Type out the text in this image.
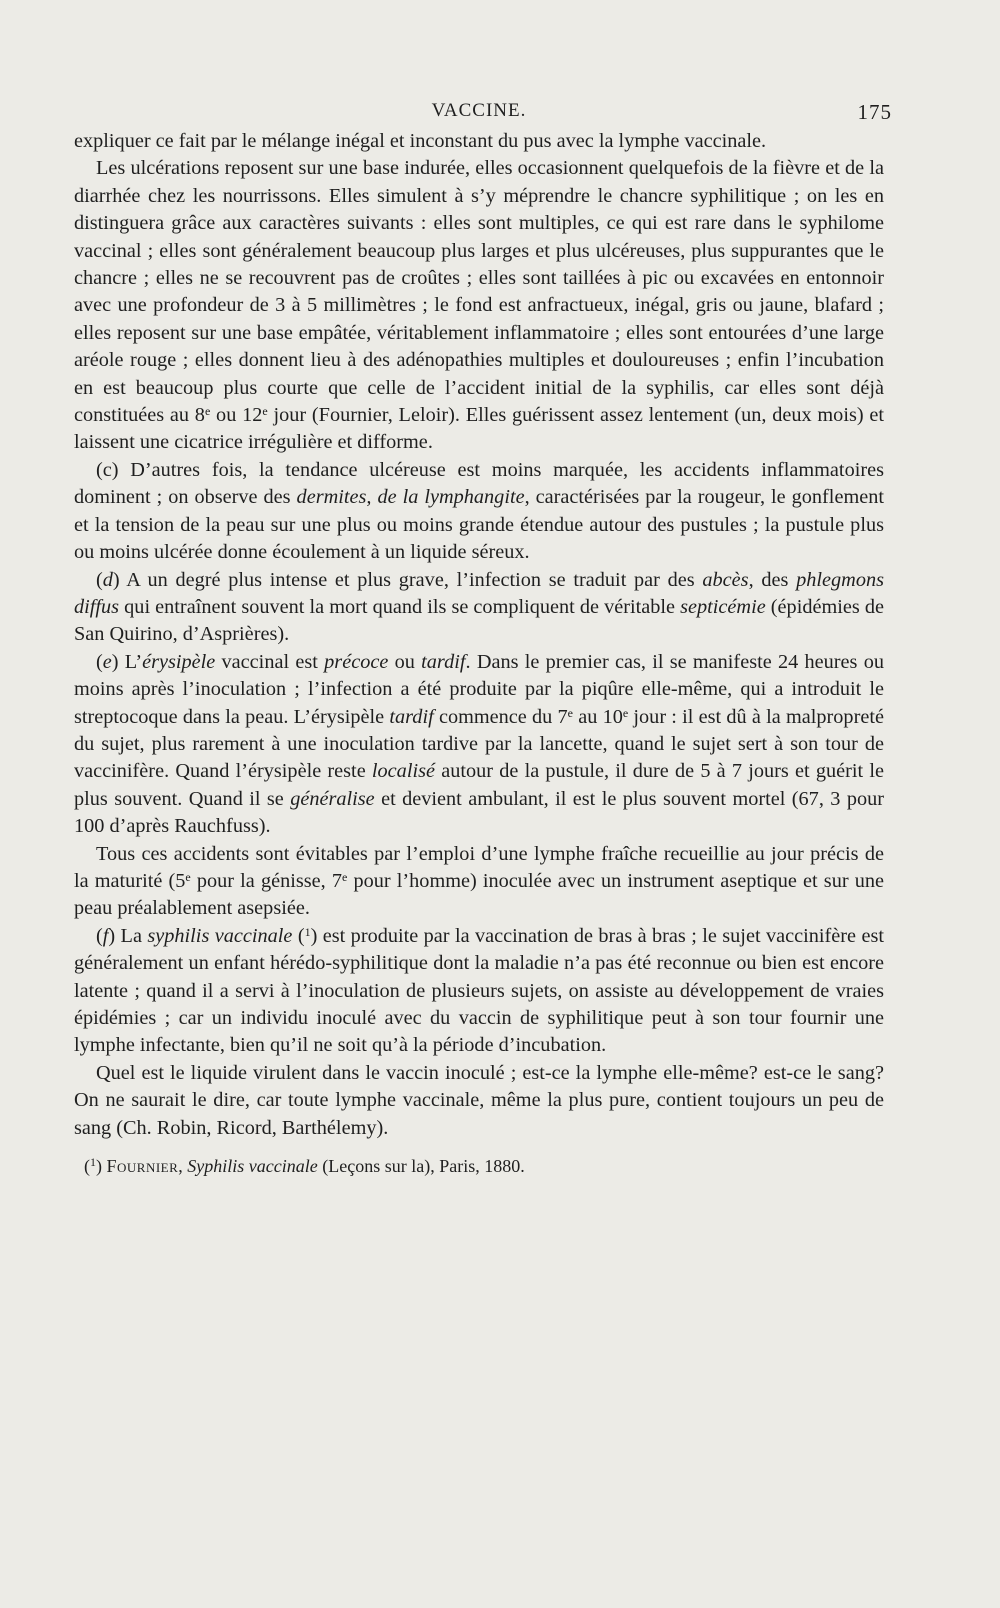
VACCINE.	175

expliquer ce fait par le mélange inégal et inconstant du pus avec la lymphe vaccinale.

Les ulcérations reposent sur une base indurée, elles occasionnent quelquefois de la fièvre et de la diarrhée chez les nourrissons. Elles simulent à s’y méprendre le chancre syphilitique ; on les en distinguera grâce aux caractères suivants : elles sont multiples, ce qui est rare dans le syphilome vaccinal ; elles sont généralement beaucoup plus larges et plus ulcéreuses, plus suppurantes que le chancre ; elles ne se recouvrent pas de croûtes ; elles sont taillées à pic ou excavées en entonnoir avec une profondeur de 3 à 5 millimètres ; le fond est anfractueux, inégal, gris ou jaune, blafard ; elles reposent sur une base empâtée, véritablement inflammatoire ; elles sont entourées d’une large aréole rouge ; elles donnent lieu à des adénopathies multiples et douloureuses ; enfin l’incubation en est beaucoup plus courte que celle de l’accident initial de la syphilis, car elles sont déjà constituées au 8e ou 12e jour (Fournier, Leloir). Elles guérissent assez lentement (un, deux mois) et laissent une cicatrice irrégulière et difforme.

(c) D’autres fois, la tendance ulcéreuse est moins marquée, les accidents inflammatoires dominent ; on observe des dermites, de la lymphangite, caractérisées par la rougeur, le gonflement et la tension de la peau sur une plus ou moins grande étendue autour des pustules ; la pustule plus ou moins ulcérée donne écoulement à un liquide séreux.

(d) A un degré plus intense et plus grave, l’infection se traduit par des abcès, des phlegmons diffus qui entraînent souvent la mort quand ils se compliquent de véritable septicémie (épidémies de San Quirino, d’Asprières).

(e) L’érysipèle vaccinal est précoce ou tardif. Dans le premier cas, il se manifeste 24 heures ou moins après l’inoculation ; l’infection a été produite par la piqûre elle-même, qui a introduit le streptocoque dans la peau. L’érysipèle tardif commence du 7e au 10e jour : il est dû à la malpropreté du sujet, plus rarement à une inoculation tardive par la lancette, quand le sujet sert à son tour de vaccinifère. Quand l’érysipèle reste localisé autour de la pustule, il dure de 5 à 7 jours et guérit le plus souvent. Quand il se généralise et devient ambulant, il est le plus souvent mortel (67, 3 pour 100 d’après Rauchfuss).

Tous ces accidents sont évitables par l’emploi d’une lymphe fraîche recueillie au jour précis de la maturité (5e pour la génisse, 7e pour l’homme) inoculée avec un instrument aseptique et sur une peau préalablement asepsiée.

(f) La syphilis vaccinale ($^1$) est produite par la vaccination de bras à bras ; le sujet vaccinifère est généralement un enfant hérédo-syphilitique dont la maladie n’a pas été reconnue ou bien est encore latente ; quand il a servi à l’inoculation de plusieurs sujets, on assiste au développement de vraies épidémies ; car un individu inoculé avec du vaccin de syphilitique peut à son tour fournir une lymphe infectante, bien qu’il ne soit qu’à la période d’incubation.

Quel est le liquide virulent dans le vaccin inoculé ; est-ce la lymphe elle-même? est-ce le sang? On ne saurait le dire, car toute lymphe vaccinale, même la plus pure, contient toujours un peu de sang (Ch. Robin, Ricord, Barthélemy).

($^1$) Fournier, Syphilis vaccinale (Leçons sur la), Paris, 1880.
